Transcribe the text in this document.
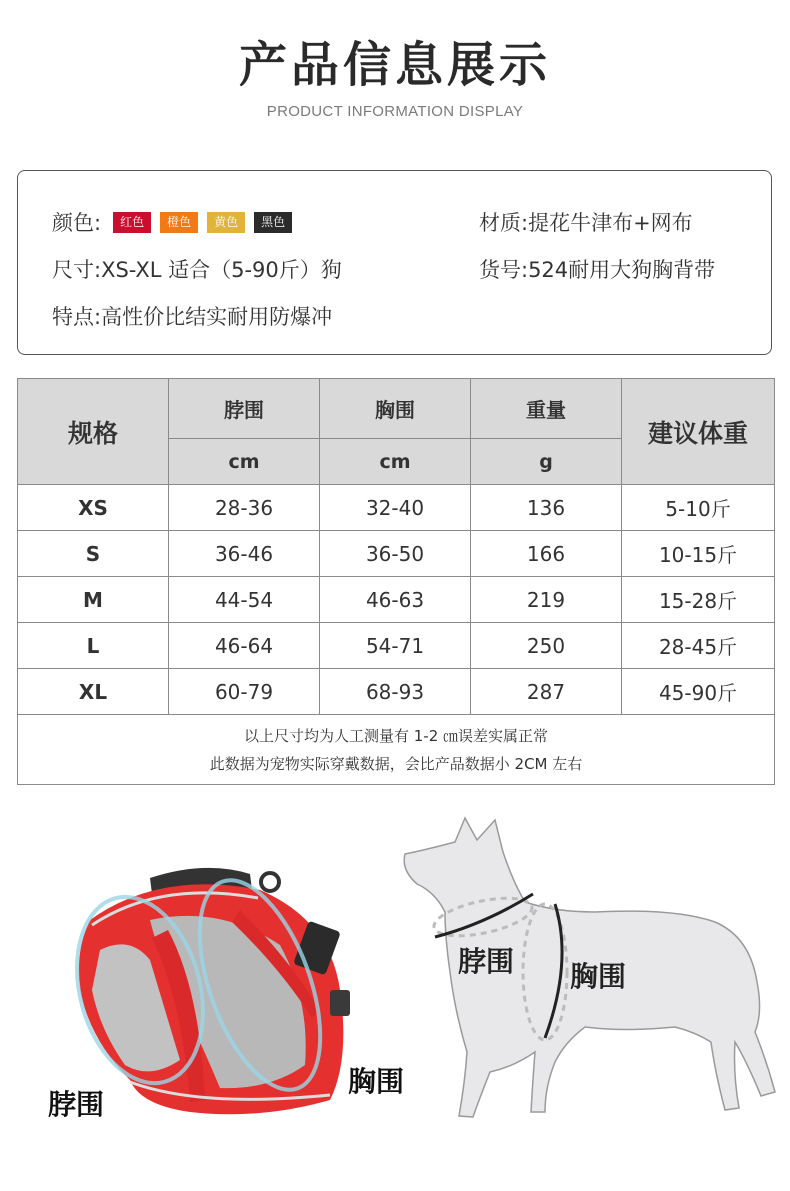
产品信息展示
PRODUCT INFORMATION DISPLAY
颜色:	红色	橙色	黄色	黑色
尺寸:XS-XL 适合（5-90斤）狗
特点:高性价比结实耐用防爆冲
材质:提花牛津布+网布
货号:524耐用大狗胸背带
规格	脖围	胸围	重量	建议体重
	cm	cm	g	
XS	28-36	32-40	136	5-10斤
S	36-46	36-50	166	10-15斤
M	44-54	46-63	219	15-28斤
L	46-64	54-71	250	28-45斤
XL	60-79	68-93	287	45-90斤

以上尺寸均为人工测量有 1-2 ㎝误差实属正常
此数据为宠物实际穿戴数据，会比产品数据小 2CM 左右				
脖围
胸围
脖围 胸围
